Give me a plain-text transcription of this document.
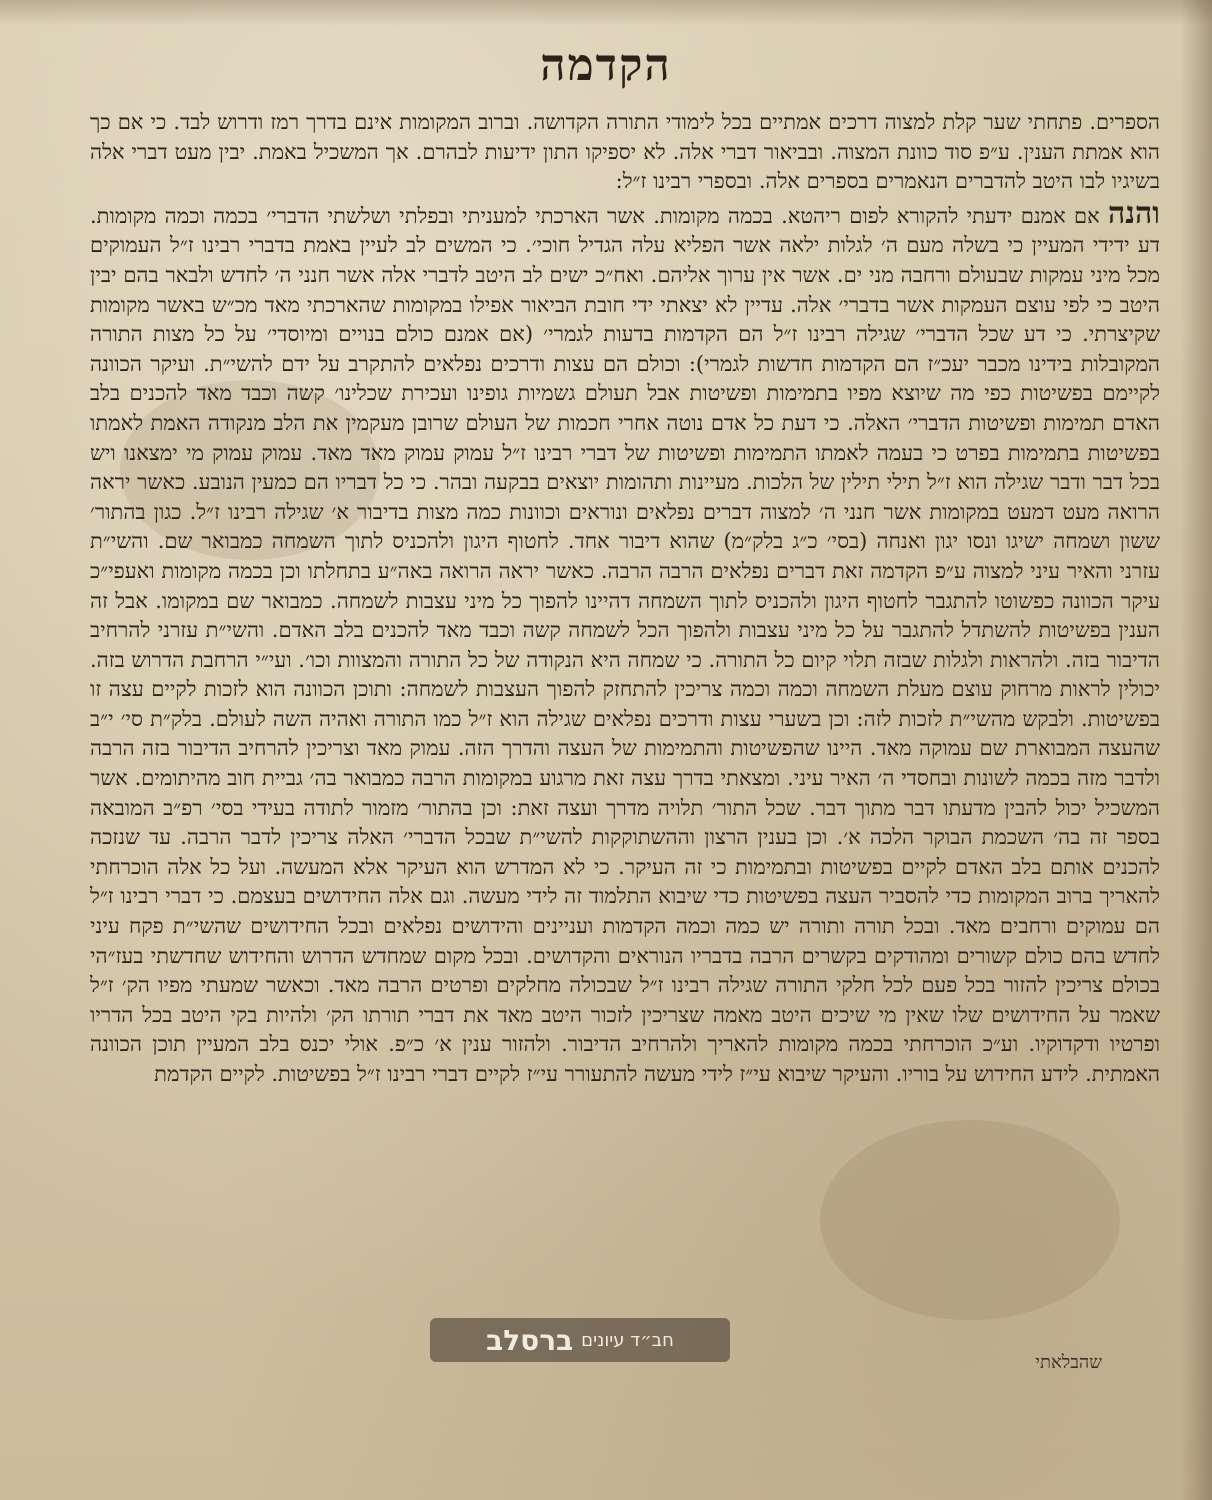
הקדמה

הספרים. פתחתי שער קלת למצוה דרכים אמתיים בכל לימודי התורה הקדושה. וברוב המקומות אינם בדרך רמז ודרוש לבד. כי אם כך הוא אמתת הענין. ע״פ סוד כוונת המצוה. ובביאור דברי אלה. לא יספיקו התון ידיעות לבהרם. אך המשכיל באמת. יבין מעט דברי אלה בשיגיו לבו היטב להדברים הנאמרים בספרים אלה. ובספרי רבינו ז״ל:

והנה אם אמנם ידעתי להקורא לפום ריהטא. בכמה מקומות. אשר הארכתי למעניתי ובפלתי ושלשתי הדברי׳ בכמה וכמה מקומות. דע ידידי המעיין כי בשלה מעם ה׳ לגלות ילאה אשר הפליא עלה הגדיל חוכי׳. כי המשים לב לעיין באמת בדברי רבינו ז״ל העמוקים מכל מיני עמקות שבעולם ורחבה מני ים. אשר אין ערוך אליהם. ואח״כ ישים לב היטב לדברי אלה אשר חנני ה׳ לחדש ולבאר בהם יבין היטב כי לפי עוצם העמקות אשר בדברי׳ אלה. עדיין לא יצאתי ידי חובת הביאור אפילו במקומות שהארכתי מאד מכ״ש באשר מקומות שקיצרתי. כי דע שכל הדברי׳ שגילה רבינו ז״ל הם הקדמות בדעות לגמרי׳ (אם אמנם כולם בנויים ומיוסדי׳ על כל מצות התורה המקובלות בידינו מכבר יעכ״ז הם הקדמות חדשות לגמרי): וכולם הם עצות ודרכים נפלאים להתקרב על ידם להשי״ת. ועיקר הכוונה לקיימם בפשיטות כפי מה שיוצא מפיו בתמימות ופשיטות אבל תעולם גשמיות גופינו ועכירת שכלינו׳ קשה וכבד מאד להכנים בלב האדם תמימות ופשיטות הדברי׳ האלה. כי דעת כל אדם נוטה אחרי חכמות של העולם שרובן מעקמין את הלב מנקודה האמת לאמתו בפשיטות בתמימות בפרט כי בעמה לאמתו התמימות ופשיטות של דברי רבינו ז״ל עמוק עמוק מאד מאד. עמוק עמוק מי ימצאנו ויש בכל דבר ודבר שגילה הוא ז״ל תילי תילין של הלכות. מעיינות ותהומות יוצאים בבקעה ובהר. כי כל דבריו הם כמעין הנובע. כאשר יראה הרואה מעט דמעט במקומות אשר חנני ה׳ למצוה דברים נפלאים ונוראים וכוונות כמה מצות בדיבור א׳ שגילה רבינו ז״ל. כגון בהתור׳ ששון ושמחה ישיגו ונסו יגון ואנחה (בסי׳ כ״ג בלק״מ) שהוא דיבור אחד. לחטוף היגון ולהכניס לתוך השמחה כמבואר שם. והשי״ת עזרני והאיר עיני למצוה ע״פ הקדמה זאת דברים נפלאים הרבה הרבה. כאשר יראה הרואה באה״ע בתחלתו וכן בכמה מקומות ואעפי״כ עיקר הכוונה כפשוטו להתגבר לחטוף היגון ולהכניס לתוך השמחה דהיינו להפוך כל מיני עצבות לשמחה. כמבואר שם במקומו. אבל זה הענין בפשיטות להשתדל להתגבר על כל מיני עצבות ולהפוך הכל לשמחה קשה וכבד מאד להכנים בלב האדם. והשי״ת עזרני להרחיב הדיבור בזה. ולהראות ולגלות שבזה תלוי קיום כל התורה. כי שמחה היא הנקודה של כל התורה והמצוות וכו׳. ועי״י הרחבת הדרוש בזה. יכולין לראות מרחוק עוצם מעלת השמחה וכמה וכמה צריכין להתחזק להפוך העצבות לשמחה: ותוכן הכוונה הוא לזכות לקיים עצה זו בפשיטות. ולבקש מהשי״ת לזכות לזה: וכן בשערי עצות ודרכים נפלאים שגילה הוא ז״ל כמו התורה ואהיה השה לעולם. בלק״ת סי׳ י״ב שהעצה המבוארת שם עמוקה מאד. היינו שהפשיטות והתמימות של העצה והדרך הזה. עמוק מאד וצריכין להרחיב הדיבור בזה הרבה ולדבר מזה בכמה לשונות ובחסדי ה׳ האיר עיני. ומצאתי בדרך עצה זאת מרגוע במקומות הרבה כמבואר בה׳ גביית חוב מהיתומים. אשר המשכיל יכול להבין מדעתו דבר מתוך דבר. שכל התור׳ תלויה מדרך ועצה זאת: וכן בהתור׳ מזמור לתודה בעידי בסי׳ רפ״ב המובאה בספר זה בה׳ השכמת הבוקר הלכה א׳. וכן בענין הרצון וההשתוקקות להשי״ת שבכל הדברי׳ האלה צריכין לדבר הרבה. עד שנזכה להכנים אותם בלב האדם לקיים בפשיטות ובתמימות כי זה העיקר. כי לא המדרש הוא העיקר אלא המעשה. ועל כל אלה הוכרחתי להאריך ברוב המקומות כדי להסביר העצה בפשיטות כדי שיבוא התלמוד זה לידי מעשה. וגם אלה החידושים בעצמם. כי דברי רבינו ז״ל הם עמוקים ורחבים מאד. ובכל תורה ותורה יש כמה וכמה הקדמות ועניינים והידושים נפלאים ובכל החידושים שהשי״ת פקח עיני לחדש בהם כולם קשורים ומהודקים בקשרים הרבה בדבריו הנוראים והקדושים. ובכל מקום שמחדש הדרוש והחידוש שחדשתי בעז״הי בכולם צריכין להזור בכל פעם לכל חלקי התורה שגילה רבינו ז״ל שבכולה מחלקים ופרטים הרבה מאד. וכאשר שמעתי מפיו הק׳ ז״ל שאמר על החידושים שלו שאין מי שיכים היטב מאמה שצריכין לזכור היטב מאד את דברי תורתו הק׳ ולהיות בקי היטב בכל הדריו ופרטיו ודקדוקיו. וע״כ הוכרחתי בכמה מקומות להאריך ולהרחיב הדיבור. ולהזור ענין א׳ כ״פ. אולי יכנס בלב המעיין תוכן הכוונה האמתית. לידע החידוש על בוריו. והעיקר שיבוא עי״ז לידי מעשה להתעורר עי״ז לקיים דברי רבינו ז״ל בפשיטות. לקיים הקדמת

שהבלאתי
ברסלב חב״ד עיונים
